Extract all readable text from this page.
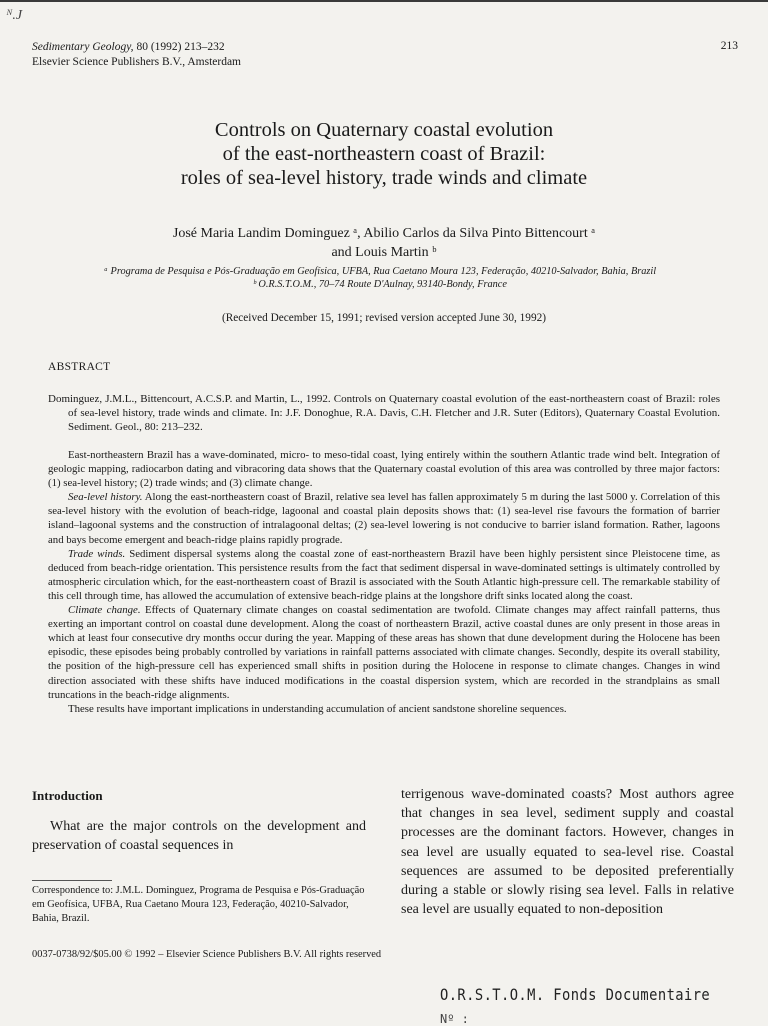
ᴺ.J
Sedimentary Geology, 80 (1992) 213–232
Elsevier Science Publishers B.V., Amsterdam
213
Controls on Quaternary coastal evolution
of the east-northeastern coast of Brazil:
roles of sea-level history, trade winds and climate
José Maria Landim Dominguez ᵃ, Abilio Carlos da Silva Pinto Bittencourt ᵃ
and Louis Martin ᵇ
ᵃ Programa de Pesquisa e Pós-Graduação em Geofísica, UFBA, Rua Caetano Moura 123, Federação, 40210-Salvador, Bahia, Brazil
ᵇ O.R.S.T.O.M., 70–74 Route D'Aulnay, 93140-Bondy, France
(Received December 15, 1991; revised version accepted June 30, 1992)
ABSTRACT

Dominguez, J.M.L., Bittencourt, A.C.S.P. and Martin, L., 1992. Controls on Quaternary coastal evolution of the east-northeastern coast of Brazil: roles of sea-level history, trade winds and climate. In: J.F. Donoghue, R.A. Davis, C.H. Fletcher and J.R. Suter (Editors), Quaternary Coastal Evolution. Sediment. Geol., 80: 213–232.

East-northeastern Brazil has a wave-dominated, micro- to meso-tidal coast, lying entirely within the southern Atlantic trade wind belt. Integration of geologic mapping, radiocarbon dating and vibracoring data shows that the Quaternary coastal evolution of this area was controlled by three major factors: (1) sea-level history; (2) trade winds; and (3) climate change.

Sea-level history. Along the east-northeastern coast of Brazil, relative sea level has fallen approximately 5 m during the last 5000 y. Correlation of this sea-level history with the evolution of beach-ridge, lagoonal and coastal plain deposits shows that: (1) sea-level rise favours the formation of barrier island–lagoonal systems and the construction of intralagoonal deltas; (2) sea-level lowering is not conducive to barrier island formation. Rather, lagoons and bays become emergent and beach-ridge plains rapidly prograde.

Trade winds. Sediment dispersal systems along the coastal zone of east-northeastern Brazil have been highly persistent since Pleistocene time, as deduced from beach-ridge orientation. This persistence results from the fact that sediment dispersal in wave-dominated settings is ultimately controlled by atmospheric circulation which, for the east-northeastern coast of Brazil is associated with the South Atlantic high-pressure cell. The remarkable stability of this cell through time, has allowed the accumulation of extensive beach-ridge plains at the longshore drift sinks located along the coast.

Climate change. Effects of Quaternary climate changes on coastal sedimentation are twofold. Climate changes may affect rainfall patterns, thus exerting an important control on coastal dune development. Along the coast of northeastern Brazil, active coastal dunes are only present in those areas in which at least four consecutive dry months occur during the year. Mapping of these areas has shown that dune development during the Holocene has been episodic, these episodes being probably controlled by variations in rainfall patterns associated with climate changes. Secondly, despite its overall stability, the position of the high-pressure cell has experienced small shifts in position during the Holocene in response to climate changes. Changes in wind direction associated with these shifts have induced modifications in the coastal dispersion system, which are recorded in the strandplains as small truncations in the beach-ridge alignments.

These results have important implications in understanding accumulation of ancient sandstone shoreline sequences.

Introduction
What are the major controls on the development and preservation of coastal sequences in
terrigenous wave-dominated coasts? Most authors agree that changes in sea level, sediment supply and coastal processes are the dominant factors. However, changes in sea level are usually equated to sea-level rise. Coastal sequences are assumed to be deposited preferentially during a stable or slowly rising sea level. Falls in relative sea level are usually equated to non-deposition
Correspondence to: J.M.L. Dominguez, Programa de Pesquisa e Pós-Graduação em Geofísica, UFBA, Rua Caetano Moura 123, Federação, 40210-Salvador, Bahia, Brazil.
0037-0738/92/$05.00 © 1992 – Elsevier Science Publishers B.V. All rights reserved
O.R.S.T.O.M. Fonds Documentaire
Nº :
